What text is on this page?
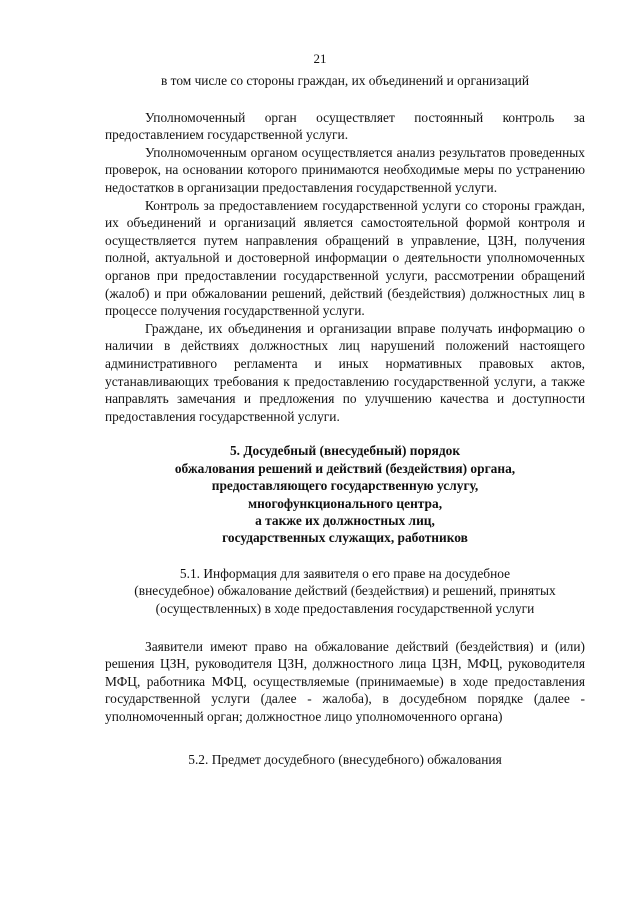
21

в том числе со стороны граждан, их объединений и организаций

Уполномоченный орган осуществляет постоянный контроль за предоставлением государственной услуги.

Уполномоченным органом осуществляется анализ результатов проведенных проверок, на основании которого принимаются необходимые меры по устранению недостатков в организации предоставления государственной услуги.

Контроль за предоставлением государственной услуги со стороны граждан, их объединений и организаций является самостоятельной формой контроля и осуществляется путем направления обращений в управление, ЦЗН, получения полной, актуальной и достоверной информации о деятельности уполномоченных органов при предоставлении государственной услуги, рассмотрении обращений (жалоб) и при обжаловании решений, действий (бездействия) должностных лиц в процессе получения государственной услуги.

Граждане, их объединения и организации вправе получать информацию о наличии в действиях должностных лиц нарушений положений настоящего административного регламента и иных нормативных правовых актов, устанавливающих требования к предоставлению государственной услуги, а также направлять замечания и предложения по улучшению качества и доступности предоставления государственной услуги.

5. Досудебный (внесудебный) порядок
обжалования решений и действий (бездействия) органа,
предоставляющего государственную услугу,
многофункционального центра,
а также их должностных лиц,
государственных служащих, работников

5.1. Информация для заявителя о его праве на досудебное
(внесудебное) обжалование действий (бездействия) и решений, принятых
(осуществленных) в ходе предоставления государственной услуги

Заявители имеют право на обжалование действий (бездействия) и (или) решения ЦЗН, руководителя ЦЗН, должностного лица ЦЗН, МФЦ, руководителя МФЦ, работника МФЦ, осуществляемые (принимаемые) в ходе предоставления государственной услуги (далее - жалоба), в досудебном порядке (далее - уполномоченный орган; должностное лицо уполномоченного органа)

5.2. Предмет досудебного (внесудебного) обжалования
